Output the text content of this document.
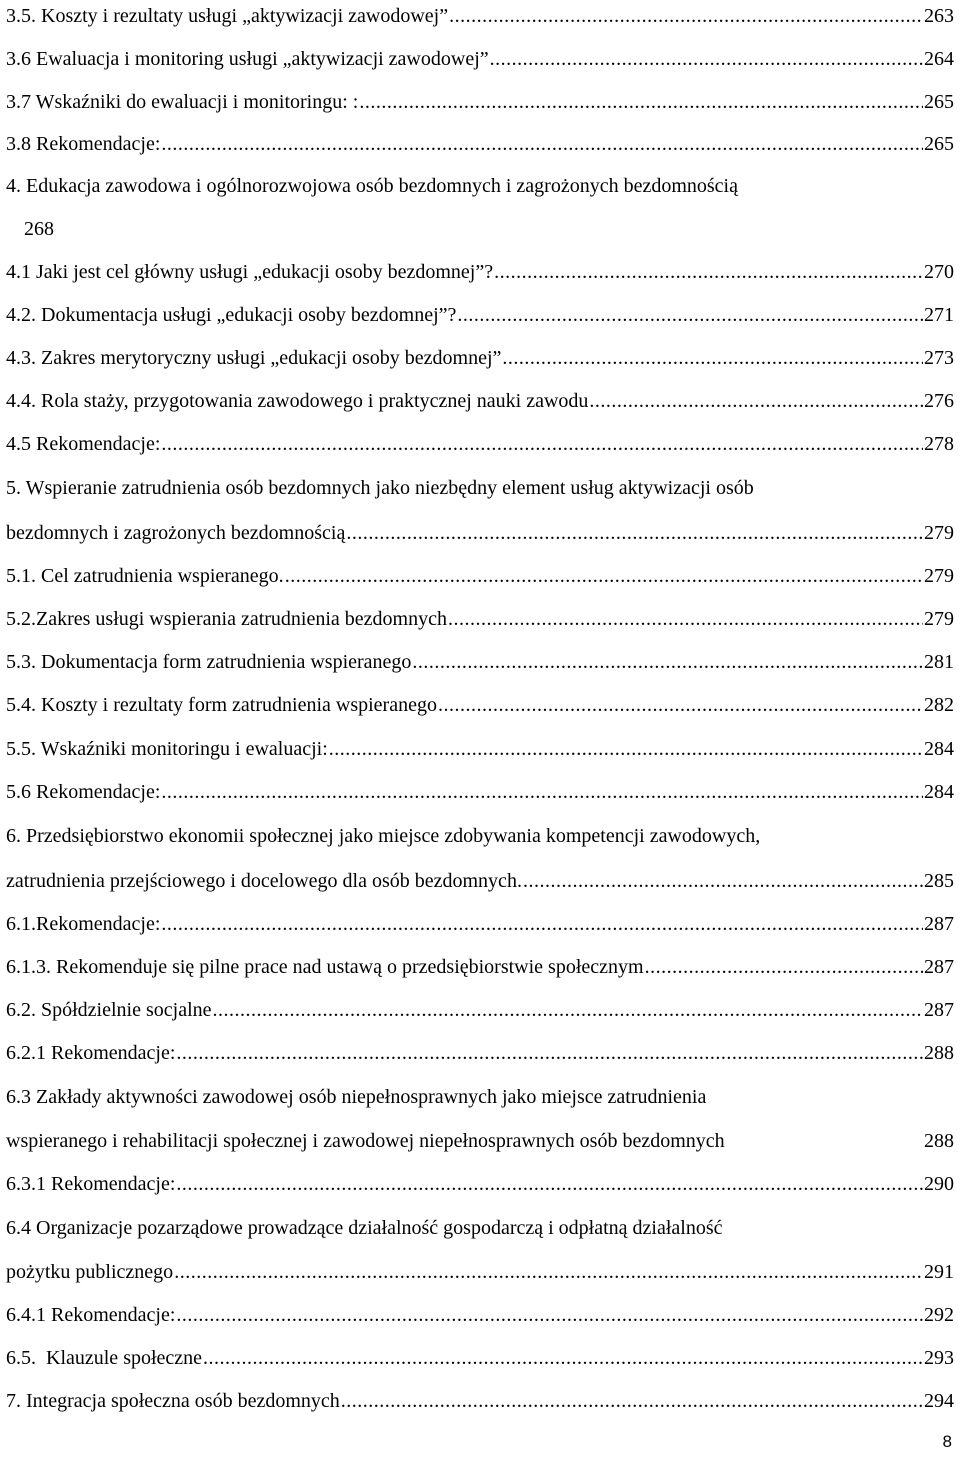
3.5. Koszty i rezultaty usługi „aktywizacji zawodowej” .....	263
3.6 Ewaluacja i monitoring usługi „aktywizacji zawodowej” .....	264
3.7 Wskaźniki do ewaluacji i monitoringu: : .....	265
3.8 Rekomendacje: .....	265
4. Edukacja zawodowa i ogólnorozwojowa osób bezdomnych i zagrożonych bezdomnością
268
4.1 Jaki jest cel główny usługi „edukacji osoby bezdomnej”? .....	270
4.2. Dokumentacja usługi „edukacji osoby bezdomnej”? .....	271
4.3. Zakres merytoryczny usługi „edukacji osoby bezdomnej” .....	273
4.4. Rola staży, przygotowania zawodowego i praktycznej nauki zawodu .....	276
4.5 Rekomendacje: .....	278
5. Wspieranie zatrudnienia osób bezdomnych jako niezbędny element usług aktywizacji osób
bezdomnych i zagrożonych bezdomnością .....	279
5.1. Cel zatrudnienia wspieranego. .....	279
5.2.Zakres usługi wspierania zatrudnienia bezdomnych .....	279
5.3. Dokumentacja form zatrudnienia wspieranego .....	281
5.4. Koszty i rezultaty form zatrudnienia wspieranego .....	282
5.5. Wskaźniki monitoringu i ewaluacji: .....	284
5.6 Rekomendacje: .....	284
6. Przedsiębiorstwo ekonomii społecznej jako miejsce zdobywania kompetencji zawodowych,
zatrudnienia przejściowego i docelowego dla osób bezdomnych. .....	285
6.1.Rekomendacje: .....	287
6.1.3. Rekomenduje się pilne prace nad ustawą o przedsiębiorstwie społecznym .....	287
6.2. Spółdzielnie socjalne .....	287
6.2.1 Rekomendacje: .....	288
6.3 Zakłady aktywności zawodowej osób niepełnosprawnych jako miejsce zatrudnienia
wspieranego i rehabilitacji społecznej i zawodowej niepełnosprawnych osób bezdomnych	288
6.3.1 Rekomendacje: .....	290
6.4 Organizacje pozarządowe prowadzące działalność gospodarczą i odpłatną działalność
pożytku publicznego .....	291
6.4.1 Rekomendacje: .....	292
6.5.  Klauzule społeczne .....	293
7. Integracja społeczna osób bezdomnych .....	294
8
